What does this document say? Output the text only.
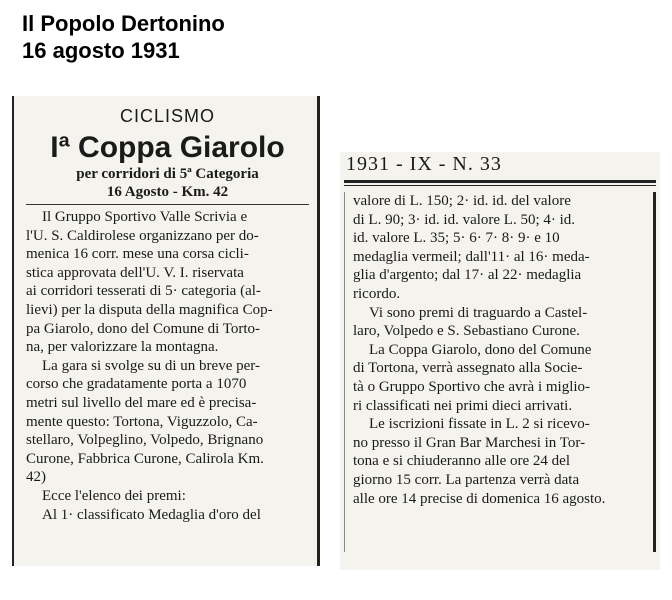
Il Popolo Dertonino
16 agosto 1931
CICLISMO
Iª Coppa Giarolo
per corridori di 5ª Categoria
16 Agosto - Km. 42

Il Gruppo Sportivo Valle Scrivia e

l'U. S. Caldirolese organizzano per do-

menica 16 corr. mese una corsa cicli-

stica approvata dell'U. V. I. riservata

ai corridori tesserati di 5· categoria (al-

lievi) per la disputa della magnifica Cop-

pa Giarolo, dono del Comune di Torto-

na, per valorizzare la montagna.

La gara si svolge su di un breve per-

corso che gradatamente porta a 1070

metri sul livello del mare ed è precisa-

mente questo: Tortona, Viguzzolo, Ca-

stellaro, Volpeglino, Volpedo, Brignano

Curone, Fabbrica Curone, Calirola Km.

42)

Ecce l'elenco dei premi:

Al 1· classificato Medaglia d'oro del

1931 - IX - N. 33

valore di L. 150; 2· id. id. del valore

di L. 90; 3· id. id. valore L. 50; 4· id.

id. valore L. 35; 5· 6· 7· 8· 9· e 10

medaglia vermeil; dall'11· al 16· meda-

glia d'argento; dal 17· al 22· medaglia

ricordo.

Vi sono premi di traguardo a Castel-

laro, Volpedo e S. Sebastiano Curone.

La Coppa Giarolo, dono del Comune

di Tortona, verrà assegnato alla Socie-

tà o Gruppo Sportivo che avrà i miglio-

ri classificati nei primi dieci arrivati.

Le iscrizioni fissate in L. 2 si ricevo-

no presso il Gran Bar Marchesi in Tor-

tona e si chiuderanno alle ore 24 del

giorno 15 corr. La partenza verrà data

alle ore 14 precise di domenica 16 agosto.
